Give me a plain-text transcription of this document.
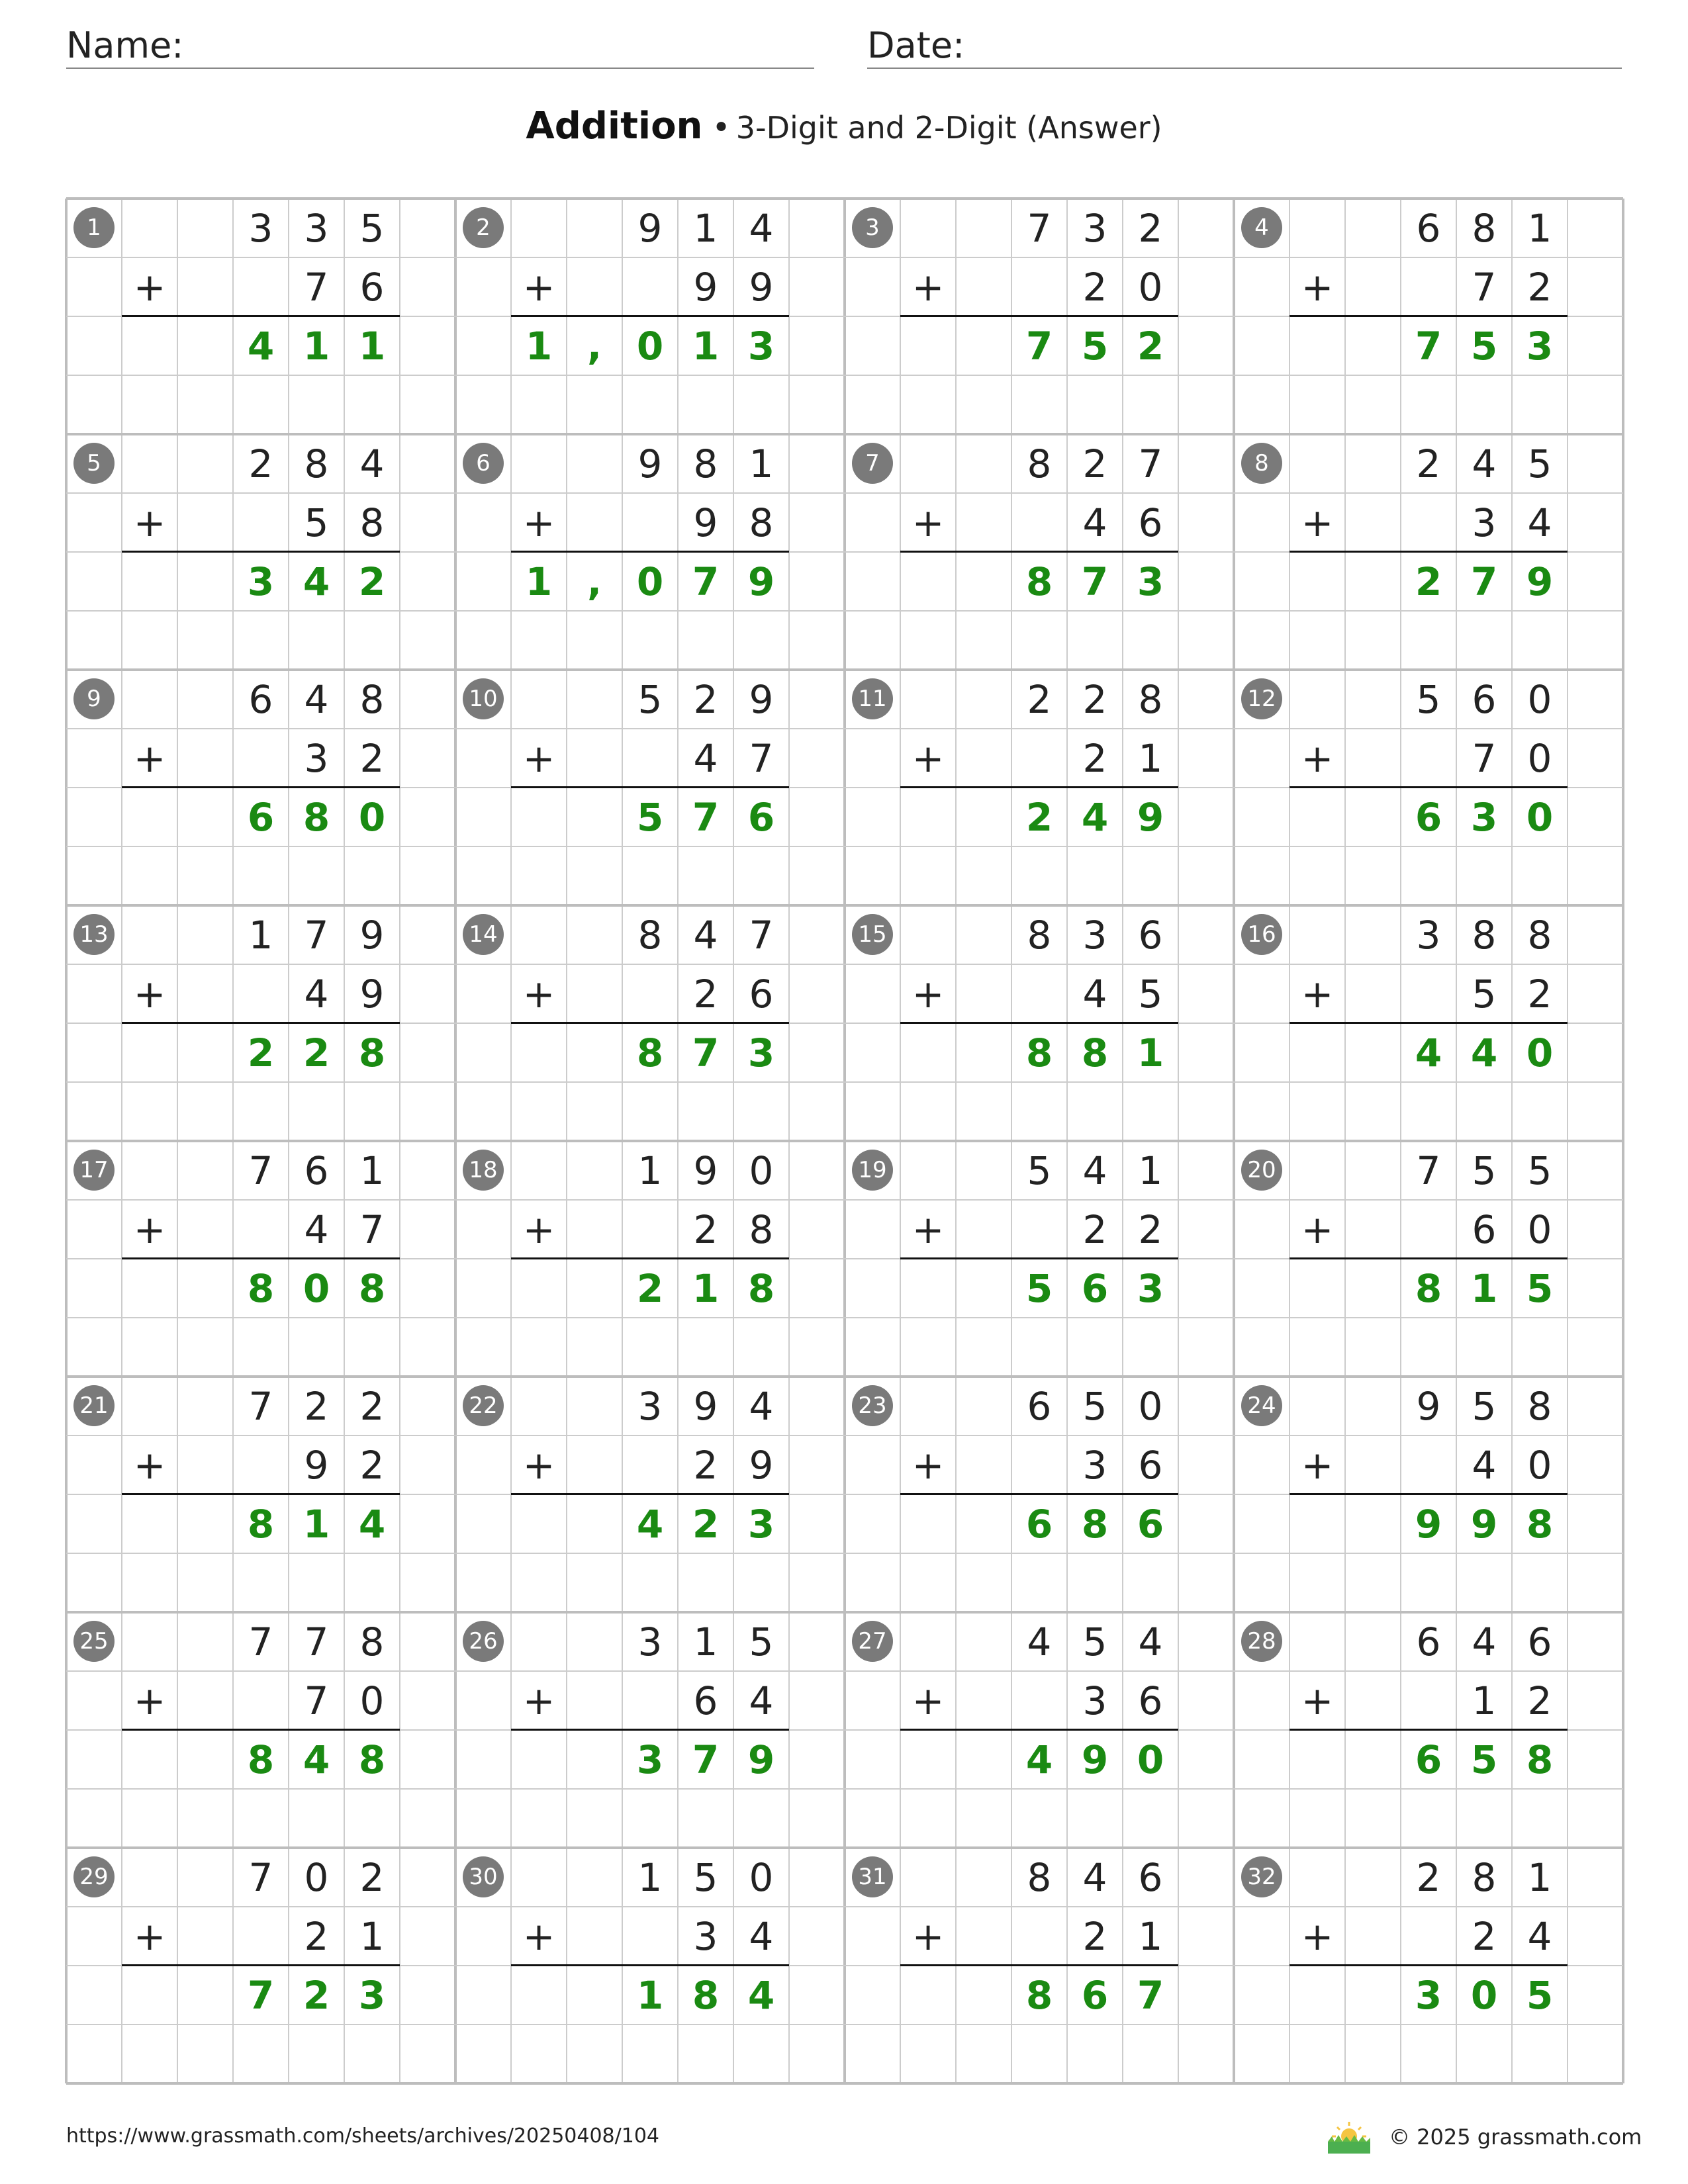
Name:	Date:
Addition • 3-Digit and 2-Digit (Answer)
1	3 3 5
+	7 6
4 1 1
2	9 1 4
+	9 9
1 , 0 1 3
3	7 3 2
+	2 0
7 5 2
4	6 8 1
+	7 2
7 5 3
5	2 8 4
+	5 8
3 4 2
6	9 8 1
+	9 8
1 , 0 7 9
7	8 2 7
+	4 6
8 7 3
8	2 4 5
+	3 4
2 7 9
9	6 4 8
+	3 2
6 8 0
10	5 2 9
+	4 7
5 7 6
11	2 2 8
+	2 1
2 4 9
12	5 6 0
+	7 0
6 3 0
13	1 7 9
+	4 9
2 2 8
14	8 4 7
+	2 6
8 7 3
15	8 3 6
+	4 5
8 8 1
16	3 8 8
+	5 2
4 4 0
17	7 6 1
+	4 7
8 0 8
18	1 9 0
+	2 8
2 1 8
19	5 4 1
+	2 2
5 6 3
20	7 5 5
+	6 0
8 1 5
21	7 2 2
+	9 2
8 1 4
22	3 9 4
+	2 9
4 2 3
23	6 5 0
+	3 6
6 8 6
24	9 5 8
+	4 0
9 9 8
25	7 7 8
+	7 0
8 4 8
26	3 1 5
+	6 4
3 7 9
27	4 5 4
+	3 6
4 9 0
28	6 4 6
+	1 2
6 5 8
29	7 0 2
+	2 1
7 2 3
30	1 5 0
+	3 4
1 8 4
31	8 4 6
+	2 1
8 6 7
32	2 8 1
+	2 4
3 0 5
https://www.grassmath.com/sheets/archives/20250408/104	© 2025 grassmath.com
